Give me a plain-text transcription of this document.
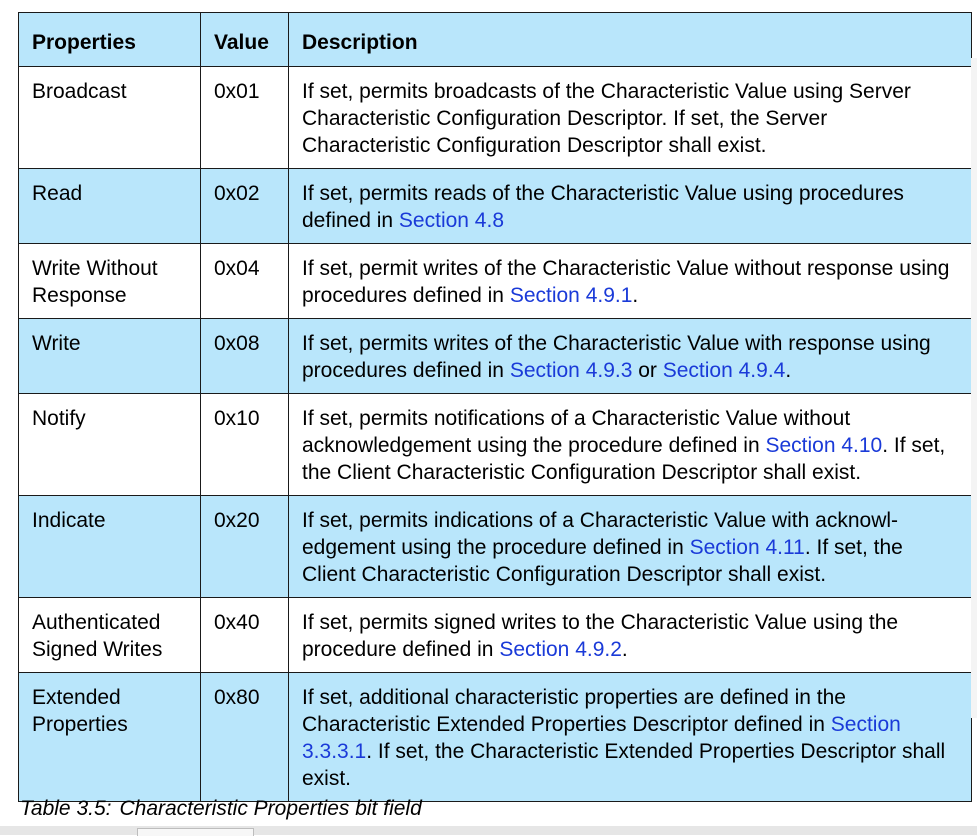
Properties	Value	Description
Broadcast	0x01	If set, permits broadcasts of the Characteristic Value using Server Characteristic Configuration Descriptor. If set, the Server Characteristic Configuration Descriptor shall exist.
Read	0x02	If set, permits reads of the Characteristic Value using procedures defined in Section 4.8
Write Without Response	0x04	If set, permit writes of the Characteristic Value without response using procedures defined in Section 4.9.1.
Write	0x08	If set, permits writes of the Characteristic Value with response using procedures defined in Section 4.9.3 or Section 4.9.4.
Notify	0x10	If set, permits notifications of a Characteristic Value without acknowledgement using the procedure defined in Section 4.10. If set, the Client Characteristic Configuration Descriptor shall exist.
Indicate	0x20	If set, permits indications of a Characteristic Value with acknowl-edgement using the procedure defined in Section 4.11. If set, the Client Characteristic Configuration Descriptor shall exist.
Authenticated Signed Writes	0x40	If set, permits signed writes to the Characteristic Value using the procedure defined in Section 4.9.2.
Extended Properties	0x80	If set, additional characteristic properties are defined in the Characteristic Extended Properties Descriptor defined in Section 3.3.3.1. If set, the Characteristic Extended Properties Descriptor shall exist.
Table 3.5: Characteristic Properties bit field
